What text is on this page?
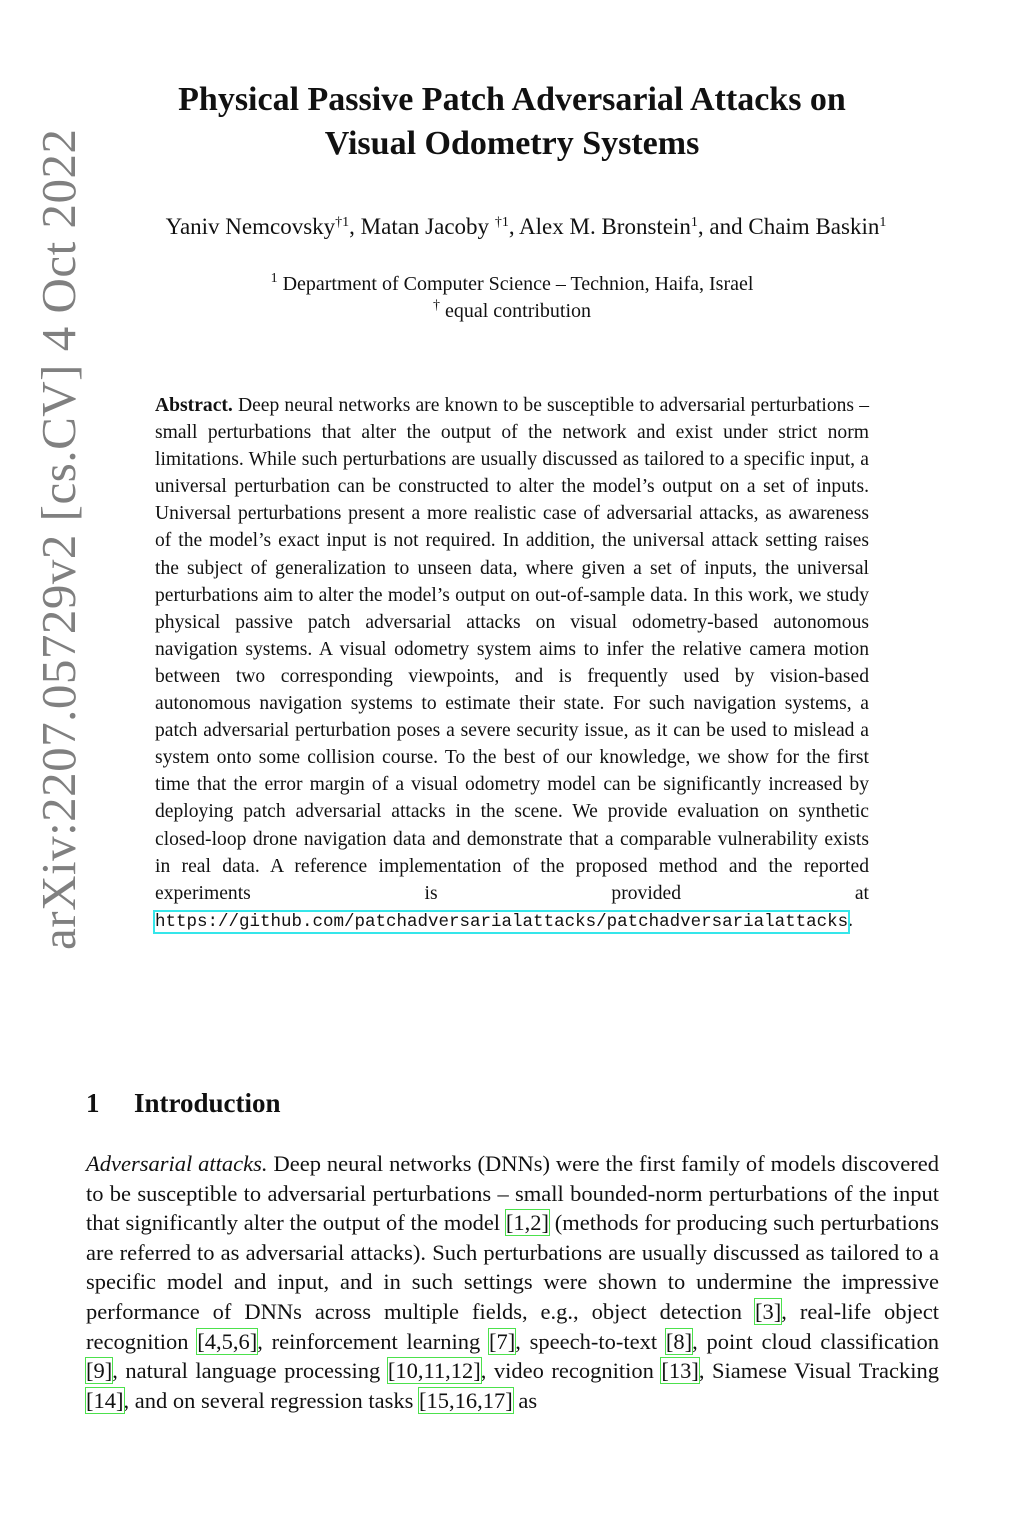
arXiv:2207.05729v2 [cs.CV] 4 Oct 2022
Physical Passive Patch Adversarial Attacks on
Visual Odometry Systems
Yaniv Nemcovsky$^{\dagger 1}$, Matan Jacoby $^{\dagger 1}$, Alex M. Bronstein$^1$, and Chaim Baskin$^1$
$^1$ Department of Computer Science – Technion, Haifa, Israel
† equal contribution
Abstract. Deep neural networks are known to be susceptible to adversarial perturbations – small perturbations that alter the output of the network and exist under strict norm limitations. While such perturbations are usually discussed as tailored to a specific input, a universal perturbation can be constructed to alter the model’s output on a set of inputs. Universal perturbations present a more realistic case of adversarial attacks, as awareness of the model’s exact input is not required. In addition, the universal attack setting raises the subject of generalization to unseen data, where given a set of inputs, the universal perturbations aim to alter the model’s output on out-of-sample data. In this work, we study physical passive patch adversarial attacks on visual odometry-based autonomous navigation systems. A visual odometry system aims to infer the relative camera motion between two corresponding viewpoints, and is frequently used by vision-based autonomous navigation systems to estimate their state. For such navigation systems, a patch adversarial perturbation poses a severe security issue, as it can be used to mislead a system onto some collision course. To the best of our knowledge, we show for the first time that the error margin of a visual odometry model can be significantly increased by deploying patch adversarial attacks in the scene. We provide evaluation on synthetic closed-loop drone navigation data and demonstrate that a comparable vulnerability exists in real data. A reference implementation of the proposed method and the reported experiments is provided at https://github.com/patchadversarialattacks/patchadversarialattacks.
1 Introduction
Adversarial attacks. Deep neural networks (DNNs) were the first family of models discovered to be susceptible to adversarial perturbations – small bounded-norm perturbations of the input that significantly alter the output of the model [1,2] (methods for producing such perturbations are referred to as adversarial attacks). Such perturbations are usually discussed as tailored to a specific model and input, and in such settings were shown to undermine the impressive performance of DNNs across multiple fields, e.g., object detection [3], real-life object recognition [4,5,6], reinforcement learning [7], speech-to-text [8], point cloud classification [9], natural language processing [10,11,12], video recognition [13], Siamese Visual Tracking [14], and on several regression tasks [15,16,17] as
